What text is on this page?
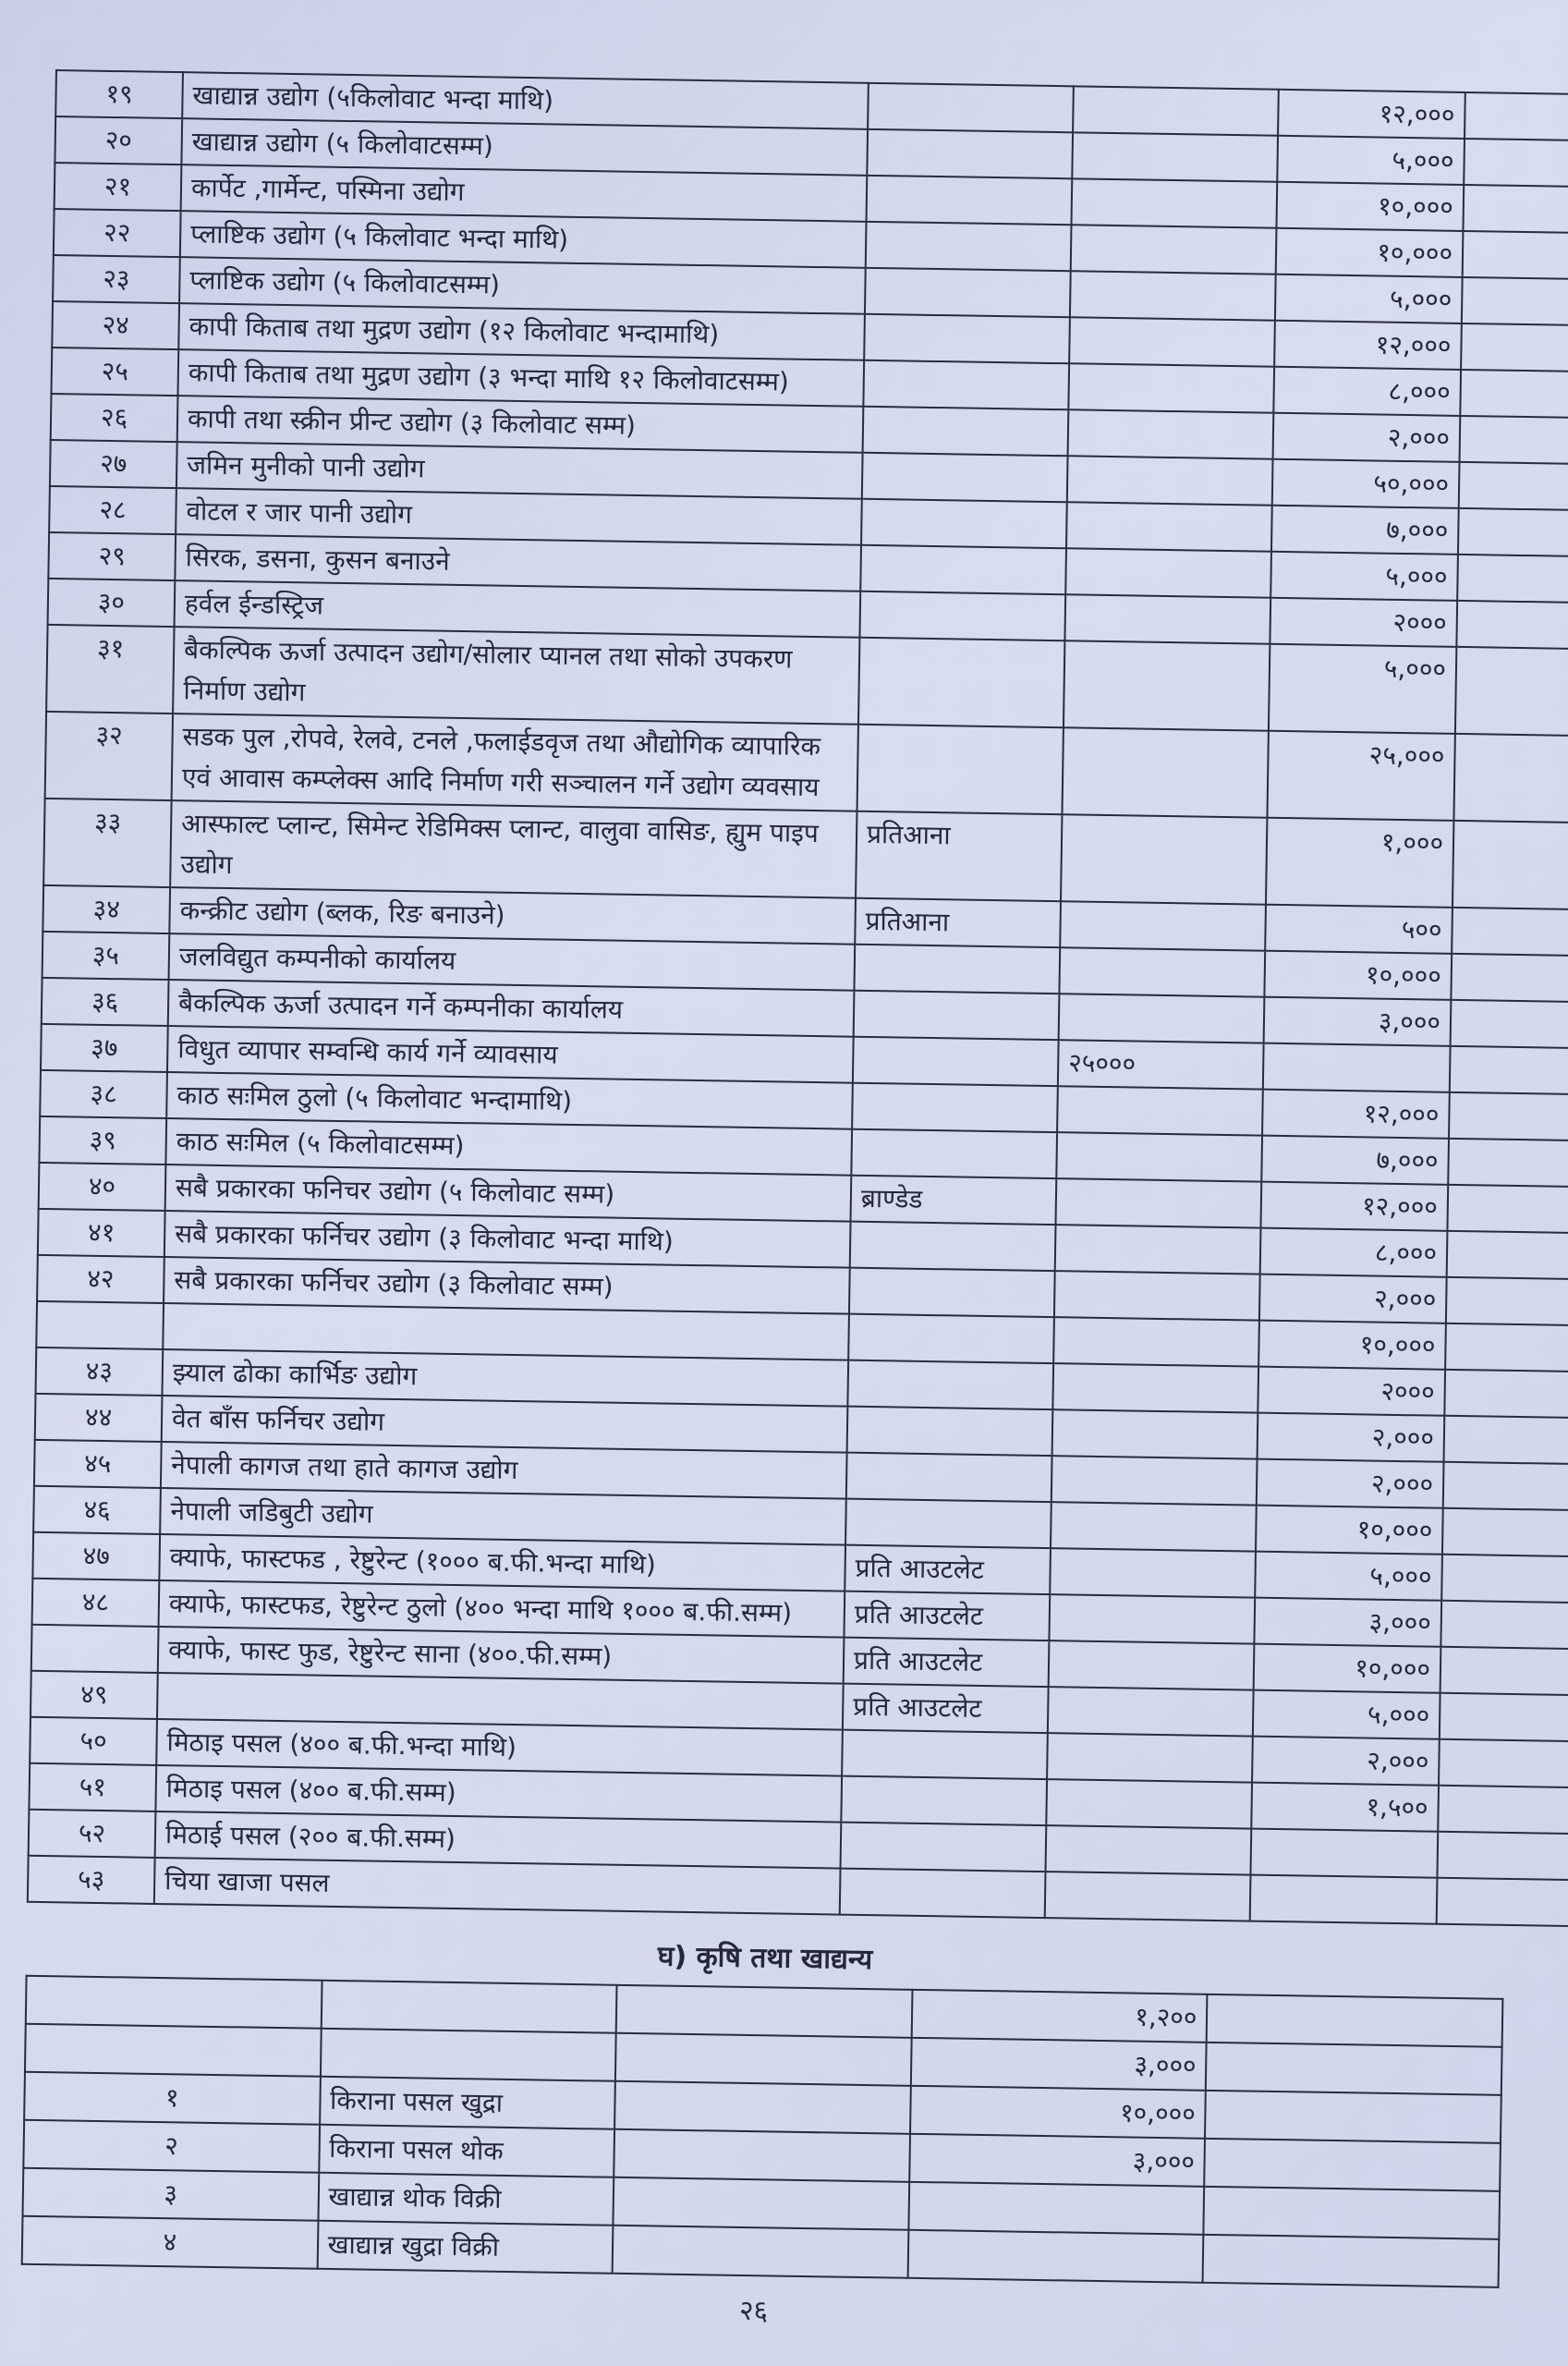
१९	खाद्यान्न उद्योग (५किलोवाट भन्दा माथि)			१२,०००	
२०	खाद्यान्न उद्योग (५ किलोवाटसम्म)			५,०००	
२१	कार्पेट ,गार्मेन्ट, पस्मिना उद्योग			१०,०००	
२२	प्लाष्टिक उद्योग (५ किलोवाट भन्दा माथि)			१०,०००	
२३	प्लाष्टिक उद्योग (५ किलोवाटसम्म)			५,०००	
२४	कापी किताब तथा मुद्रण उद्योग (१२ किलोवाट भन्दामाथि)			१२,०००	
२५	कापी किताब तथा मुद्रण उद्योग (३ भन्दा माथि १२ किलोवाटसम्म)			८,०००	
२६	कापी तथा स्क्रीन प्रीन्ट उद्योग (३ किलोवाट सम्म)			२,०००	
२७	जमिन मुनीको पानी उद्योग			५०,०००	
२८	वोटल र जार पानी उद्योग			७,०००	
२९	सिरक, डसना, कुसन बनाउने			५,०००	
३०	हर्वल ईन्डस्ट्रिज			२०००	
३१	बैकल्पिक ऊर्जा उत्पादन उद्योग/सोलार प्यानल तथा सोको उपकरण निर्माण उद्योग			५,०००	
३२	सडक पुल ,रोपवे, रेलवे, टनले ,फलाईडवृज तथा औद्योगिक व्यापारिक एवं आवास कम्प्लेक्स आदि निर्माण गरी सञ्चालन गर्ने उद्योग व्यवसाय			२५,०००	
३३	आस्फाल्ट प्लान्ट, सिमेन्ट रेडिमिक्स प्लान्ट, वालुवा वासिङ, ह्युम पाइप उद्योग	प्रतिआना		१,०००	
३४	कन्क्रीट उद्योग (ब्लक, रिङ बनाउने)	प्रतिआना		५००	
३५	जलविद्युत कम्पनीको कार्यालय			१०,०००	
३६	बैकल्पिक ऊर्जा उत्पादन गर्ने कम्पनीका कार्यालय			३,०००	
३७	विधुत व्यापार सम्वन्धि कार्य गर्ने व्यावसाय		२५०००		
३८	काठ सःमिल ठुलो (५ किलोवाट भन्दामाथि)			१२,०००	
३९	काठ सःमिल (५ किलोवाटसम्म)			७,०००	
४०	सबै प्रकारका फनिचर उद्योग (५ किलोवाट सम्म)	ब्राण्डेड		१२,०००	
४१	सबै प्रकारका फर्निचर उद्योग (३ किलोवाट भन्दा माथि)			८,०००	
४२	सबै प्रकारका फर्निचर उद्योग (३ किलोवाट सम्म)			२,०००	
				१०,०००	
४३	झ्याल ढोका कार्भिङ उद्योग			२०००	
४४	वेत बाँस फर्निचर उद्योग			२,०००	
४५	नेपाली कागज तथा हाते कागज उद्योग			२,०००	
४६	नेपाली जडिबुटी उद्योग			१०,०००	
४७	क्याफे, फास्टफड , रेष्टुरेन्ट (१००० ब.फी.भन्दा माथि)	प्रति आउटलेट		५,०००	
४८	क्याफे, फास्टफड, रेष्टुरेन्ट ठुलो (४०० भन्दा माथि १००० ब.फी.सम्म)	प्रति आउटलेट		३,०००	
	क्याफे, फास्ट फुड, रेष्टुरेन्ट साना (४००.फी.सम्म)	प्रति आउटलेट		१०,०००	
४९		प्रति आउटलेट		५,०००	
५०	मिठाइ पसल (४०० ब.फी.भन्दा माथि)			२,०००	
५१	मिठाइ पसल (४०० ब.फी.सम्म)			१,५००	
५२	मिठाई पसल (२०० ब.फी.सम्म)				
५३	चिया खाजा पसल				
घ) कृषि तथा खाद्यन्य				
			१,२००	
			३,०००	
१	किराना पसल खुद्रा		१०,०००	
२	किराना पसल थोक		३,०००	
३	खाद्यान्न थोक विक्री			
४	खाद्यान्न खुद्रा विक्री			
२६
